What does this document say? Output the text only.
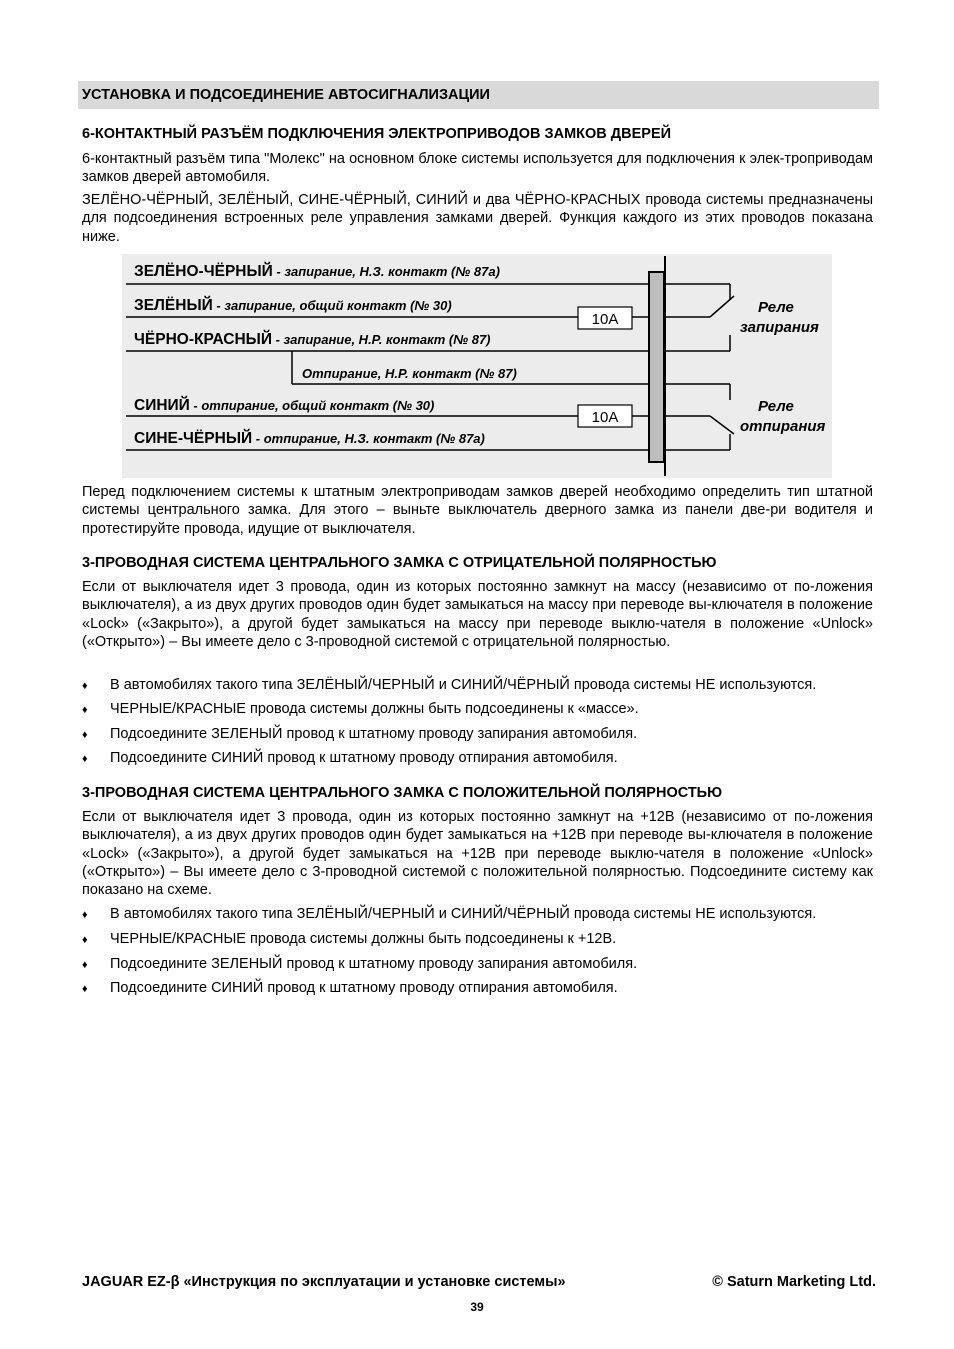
УСТАНОВКА И ПОДСОЕДИНЕНИЕ АВТОСИГНАЛИЗАЦИИ
6-КОНТАКТНЫЙ РАЗЪЁМ ПОДКЛЮЧЕНИЯ ЭЛЕКТРОПРИВОДОВ ЗАМКОВ ДВЕРЕЙ
6-контактный разъём типа "Молекс" на основном блоке системы используется для подключения к элек-троприводам замков дверей автомобиля.
ЗЕЛЁНО-ЧЁРНЫЙ, ЗЕЛЁНЫЙ, СИНЕ-ЧЁРНЫЙ, СИНИЙ и два ЧЁРНО-КРАСНЫХ провода системы предназначены для подсоединения встроенных реле управления замками дверей. Функция каждого из этих проводов показана ниже.
ЗЕЛЁНО-ЧЁРНЫЙ - запирание, Н.З. контакт (№ 87а)
ЗЕЛЁНЫЙ - запирание, общий контакт (№ 30)
10А
ЧЁРНО-КРАСНЫЙ - запирание, Н.Р. контакт (№ 87)
Отпирание, Н.Р. контакт (№ 87)
СИНИЙ - отпирание, общий контакт (№ 30)
10А
СИНЕ-ЧЁРНЫЙ - отпирание, Н.З. контакт (№ 87а)
Реле
запирания
Реле
отпирания
Перед подключением системы к штатным электроприводам замков дверей необходимо определить тип штатной системы центрального замка. Для этого – выньте выключатель дверного замка из панели две-ри водителя и протестируйте провода, идущие от выключателя.
3-ПРОВОДНАЯ СИСТЕМА ЦЕНТРАЛЬНОГО ЗАМКА С ОТРИЦАТЕЛЬНОЙ ПОЛЯРНОСТЬЮ
Если от выключателя идет 3 провода, один из которых постоянно замкнут на массу (независимо от по-ложения выключателя), а из двух других проводов один будет замыкаться на массу при переводе вы-ключателя в положение «Lock» («Закрыто»), а другой будет замыкаться на массу при переводе выклю-чателя в положение «Unlock» («Открыто») – Вы имеете дело с 3-проводной системой с отрицательной полярностью.
♦ В автомобилях такого типа ЗЕЛЁНЫЙ/ЧЕРНЫЙ и СИНИЙ/ЧЁРНЫЙ провода системы НЕ используются.
♦ ЧЕРНЫЕ/КРАСНЫЕ провода системы должны быть подсоединены к «массе».
♦ Подсоедините ЗЕЛЕНЫЙ провод к штатному проводу запирания автомобиля.
♦ Подсоедините СИНИЙ провод к штатному проводу отпирания автомобиля.
3-ПРОВОДНАЯ СИСТЕМА ЦЕНТРАЛЬНОГО ЗАМКА С ПОЛОЖИТЕЛЬНОЙ ПОЛЯРНОСТЬЮ
Если от выключателя идет 3 провода, один из которых постоянно замкнут на +12В (независимо от по-ложения выключателя), а из двух других проводов один будет замыкаться на +12В при переводе вы-ключателя в положение «Lock» («Закрыто»), а другой будет замыкаться на +12В при переводе выклю-чателя в положение «Unlock» («Открыто») – Вы имеете дело с 3-проводной системой с положительной полярностью. Подсоедините систему как показано на схеме.
♦ В автомобилях такого типа ЗЕЛЁНЫЙ/ЧЕРНЫЙ и СИНИЙ/ЧЁРНЫЙ провода системы НЕ используются.
♦ ЧЕРНЫЕ/КРАСНЫЕ провода системы должны быть подсоединены к +12В.
♦ Подсоедините ЗЕЛЕНЫЙ провод к штатному проводу запирания автомобиля.
♦ Подсоедините СИНИЙ провод к штатному проводу отпирания автомобиля.
JAGUAR EZ-β «Инструкция по эксплуатации и установке системы»	© Saturn Marketing Ltd.
39
